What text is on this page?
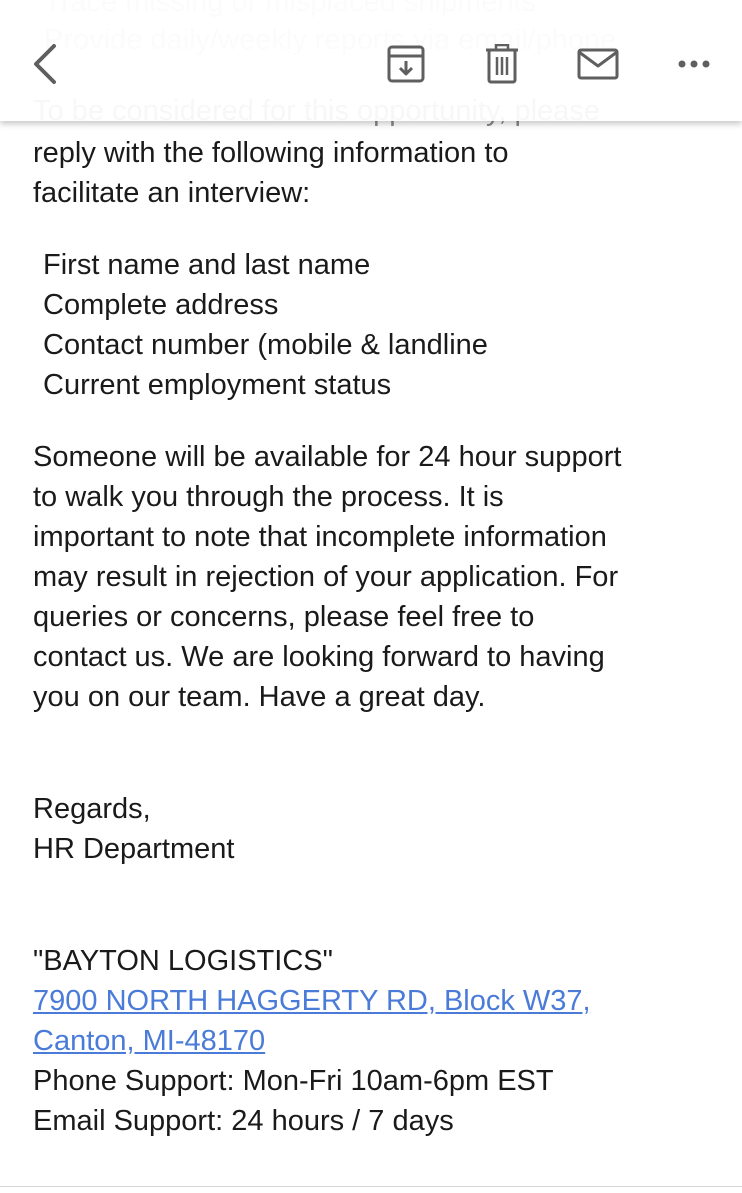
reply with the following information to
facilitate an interview:
First name and last name
Complete address
Contact number (mobile & landline
Current employment status
Someone will be available for 24 hour support
to walk you through the process. It is
important to note that incomplete information
may result in rejection of your application. For
queries or concerns, please feel free to
contact us. We are looking forward to having
you on our team. Have a great day.
Regards,
HR Department
"BAYTON LOGISTICS"
7900 NORTH HAGGERTY RD, Block W37,
Canton, MI-48170
Phone Support: Mon-Fri 10am-6pm EST
Email Support: 24 hours / 7 days
